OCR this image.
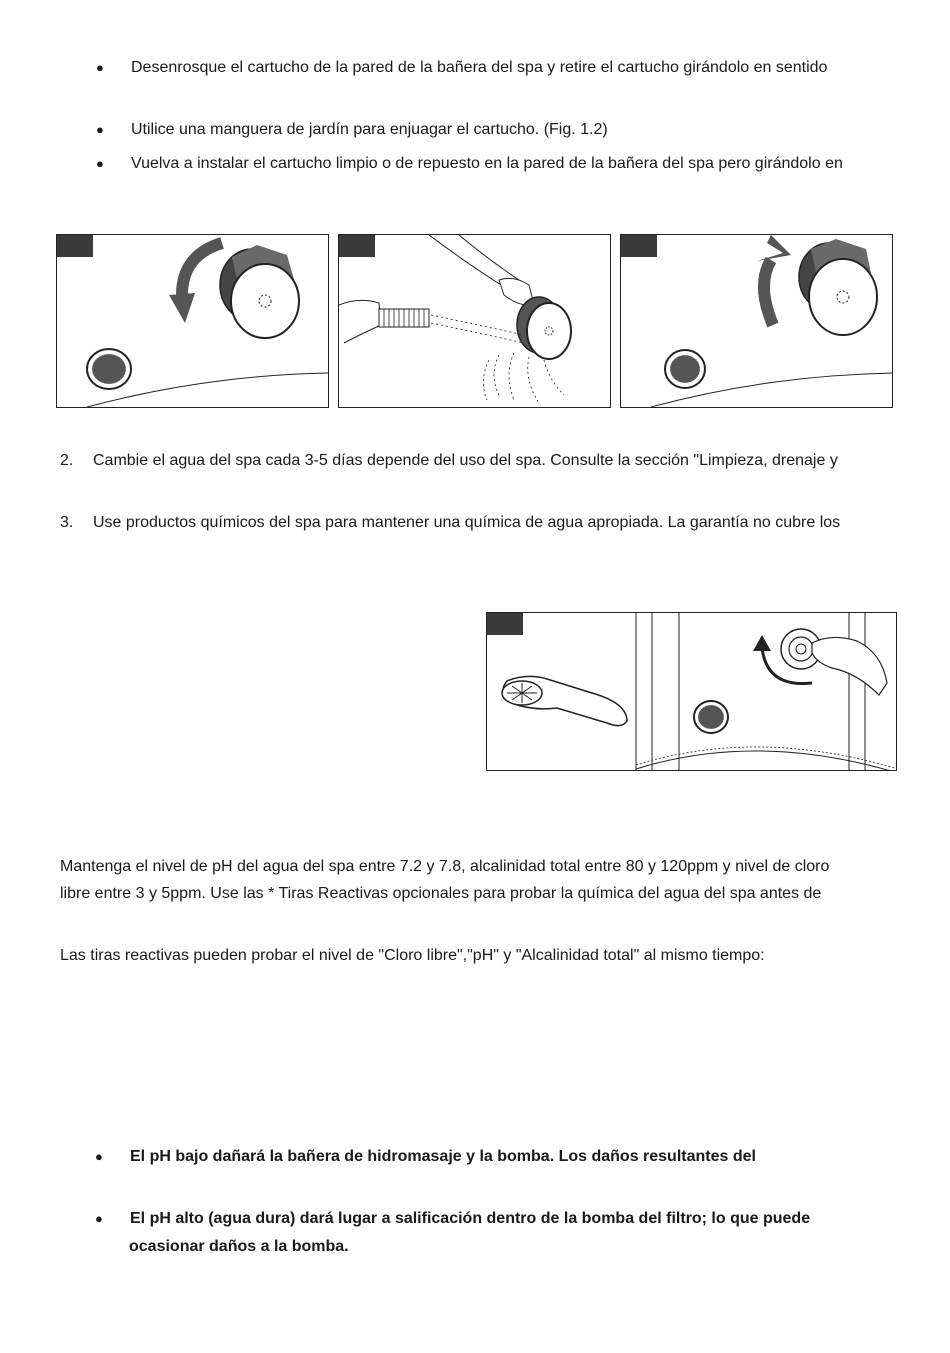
● Desenrosque el cartucho de la pared de la bañera del spa y retire el cartucho girándolo en sentido
● Utilice una manguera de jardín para enjuagar el cartucho. (Fig. 1.2)
● Vuelva a instalar el cartucho limpio o de repuesto en la pared de la bañera del spa pero girándolo en
2. Cambie el agua del spa cada 3-5 días depende del uso del spa. Consulte la sección "Limpieza, drenaje y
3. Use productos químicos del spa para mantener una química de agua apropiada. La garantía no cubre los
Mantenga el nivel de pH del agua del spa entre 7.2 y 7.8, alcalinidad total entre 80 y 120ppm y nivel de cloro
libre entre 3 y 5ppm. Use las * Tiras Reactivas opcionales para probar la química del agua del spa antes de
Las tiras reactivas pueden probar el nivel de "Cloro libre","pH" y "Alcalinidad total" al mismo tiempo:
● El pH bajo dañará la bañera de hidromasaje y la bomba. Los daños resultantes del
● El pH alto (agua dura) dará lugar a salificación dentro de la bomba del filtro; lo que puede
ocasionar daños a la bomba.
